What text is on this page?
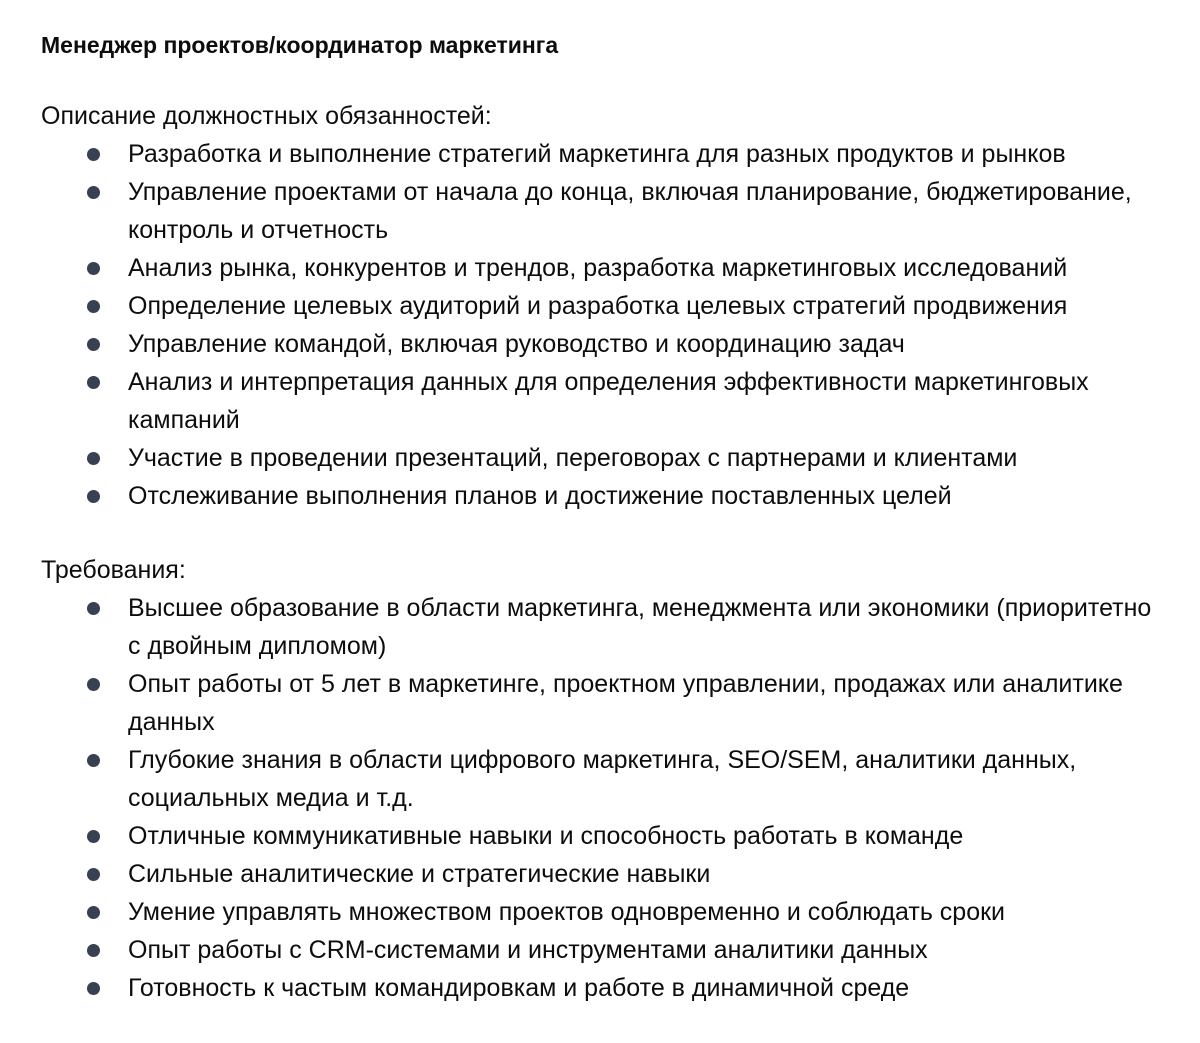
Менеджер проектов/координатор маркетинга

Описание должностных обязанностей:

Разработка и выполнение стратегий маркетинга для разных продуктов и рынков
Управление проектами от начала до конца, включая планирование, бюджетирование, контроль и отчетность
Анализ рынка, конкурентов и трендов, разработка маркетинговых исследований
Определение целевых аудиторий и разработка целевых стратегий продвижения
Управление командой, включая руководство и координацию задач
Анализ и интерпретация данных для определения эффективности маркетинговых кампаний
Участие в проведении презентаций, переговорах с партнерами и клиентами
Отслеживание выполнения планов и достижение поставленных целей

Требования:

Высшее образование в области маркетинга, менеджмента или экономики (приоритетно с двойным дипломом)
Опыт работы от 5 лет в маркетинге, проектном управлении, продажах или аналитике данных
Глубокие знания в области цифрового маркетинга, SEO/SEM, аналитики данных, социальных медиа и т.д.
Отличные коммуникативные навыки и способность работать в команде
Сильные аналитические и стратегические навыки
Умение управлять множеством проектов одновременно и соблюдать сроки
Опыт работы с CRM-системами и инструментами аналитики данных
Готовность к частым командировкам и работе в динамичной среде
